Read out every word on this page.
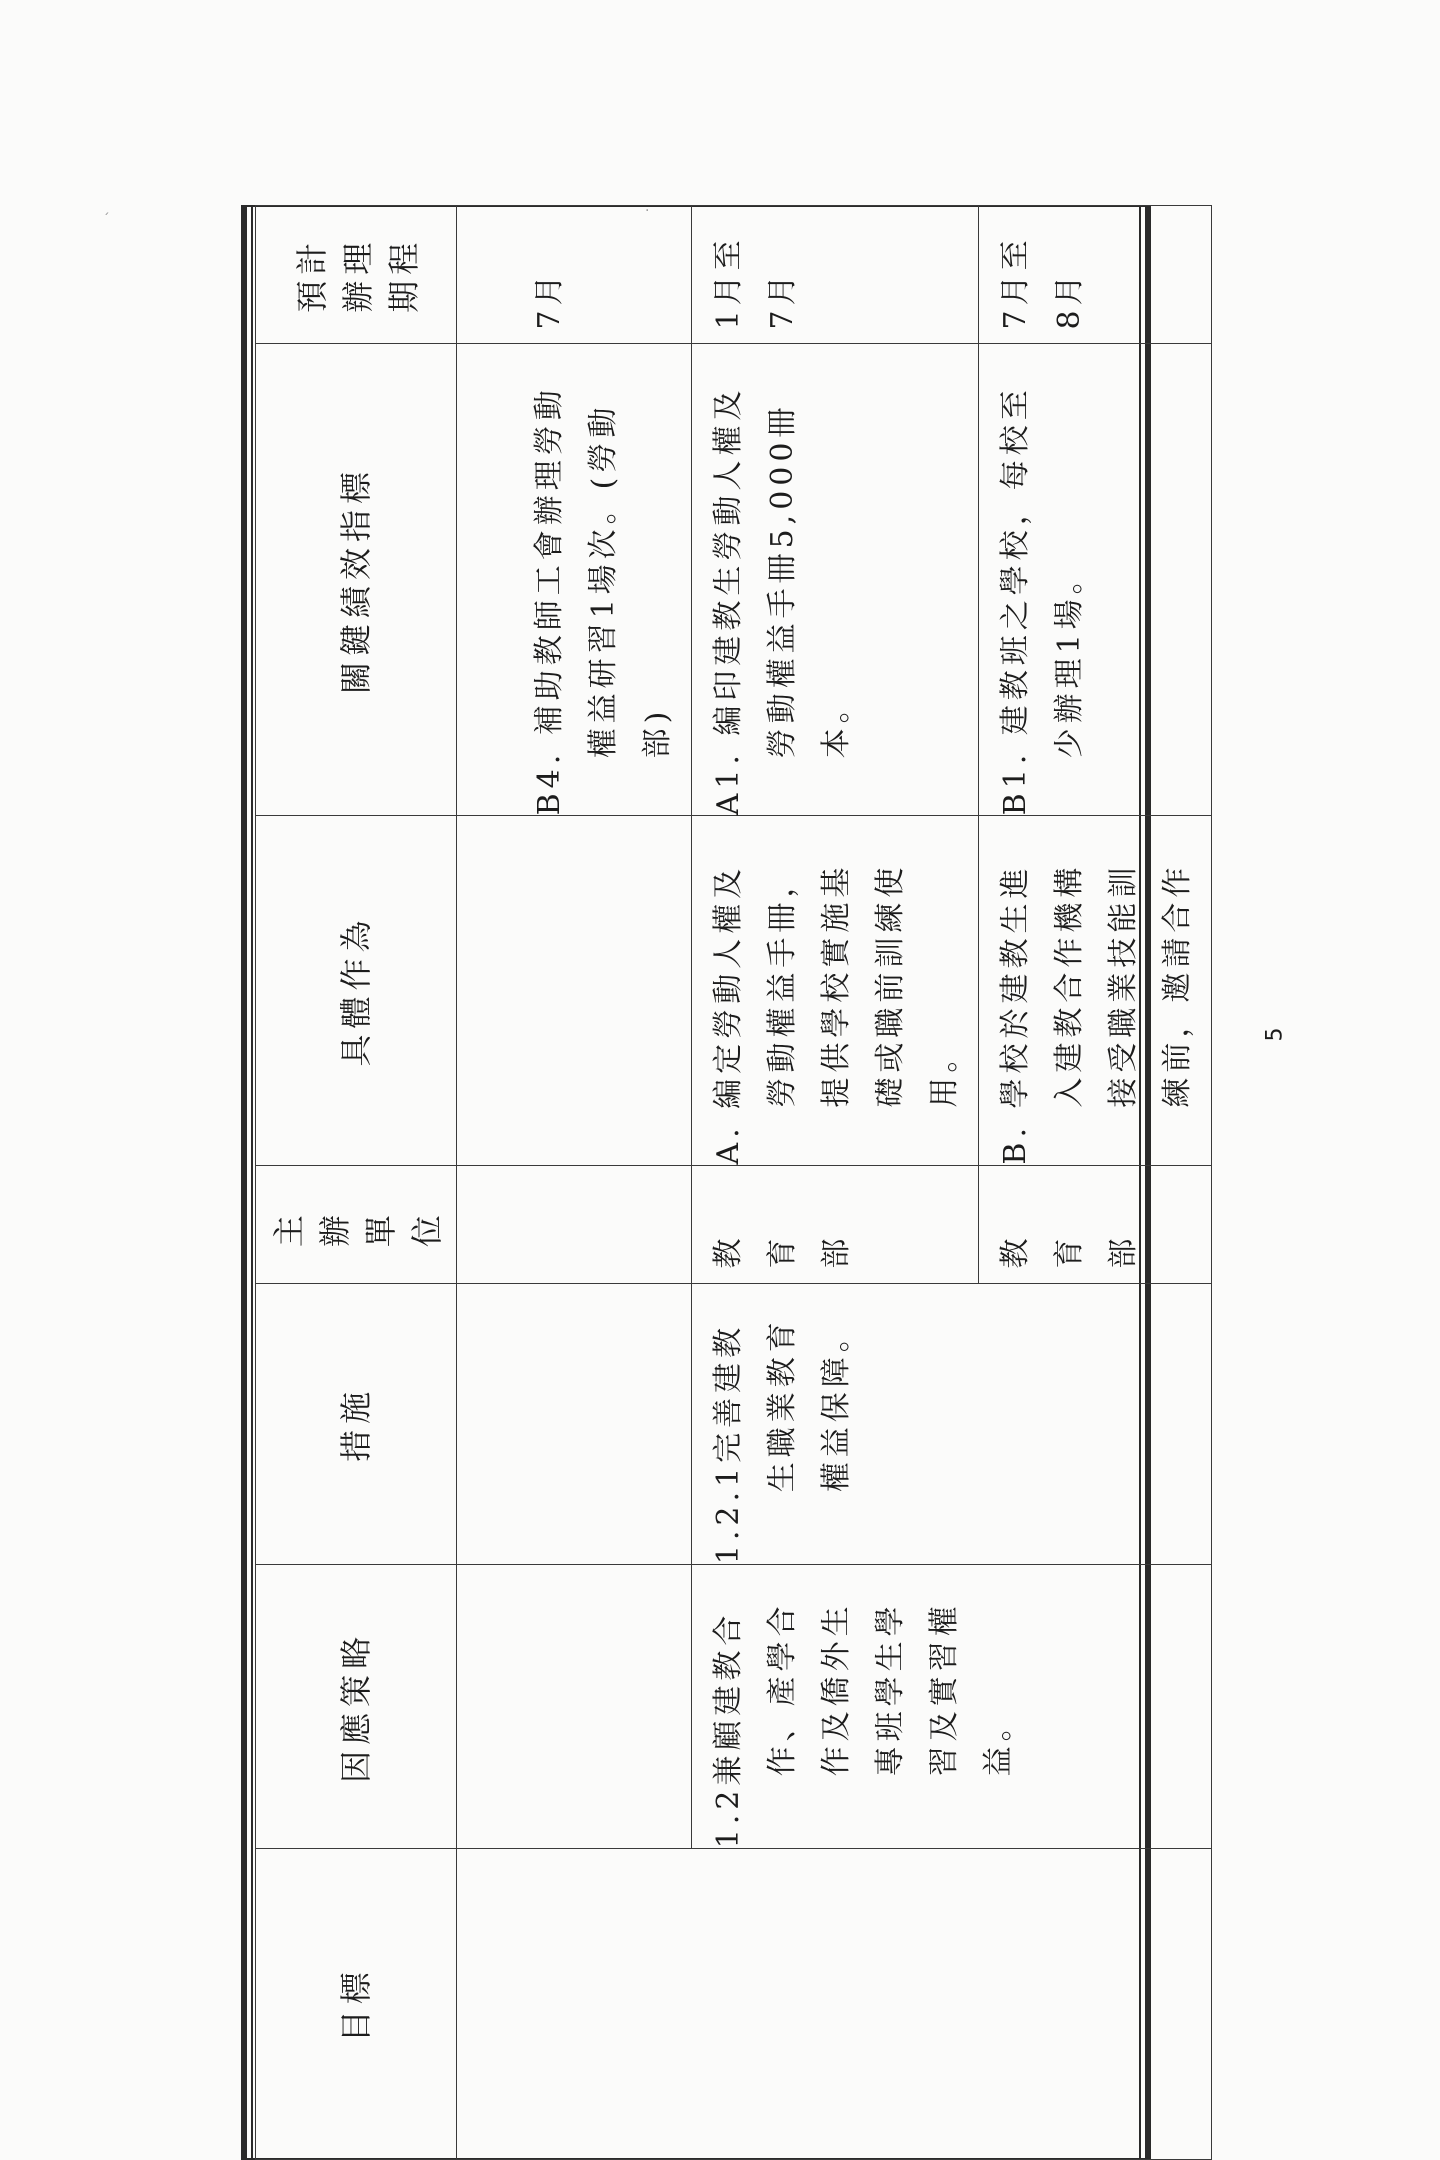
׳	·
目標	因應策略	措施	主辦單位	具體作為	關鍵績效指標	預計辦理期程

					B4. 補助教師工會辦理勞動權益研習1場次。(勞動部)	7月

	1.2兼顧建教合作、產學合作及僑外生專班學生學習及實習權益。	1.2.1完善建教生職業教育權益保障。	教育部	A. 編定勞動人權及勞動權益手冊，提供學校實施基礎或職前訓練使用。	A1. 編印建教生勞動人權及勞動權益手冊5,000冊本。	1月至7月

			教育部	B. 學校於建教生進入建教合作機構接受職業技能訓練前，邀請合作	B1. 建教班之學校，每校至少辦理1場。	7月至8月
5
